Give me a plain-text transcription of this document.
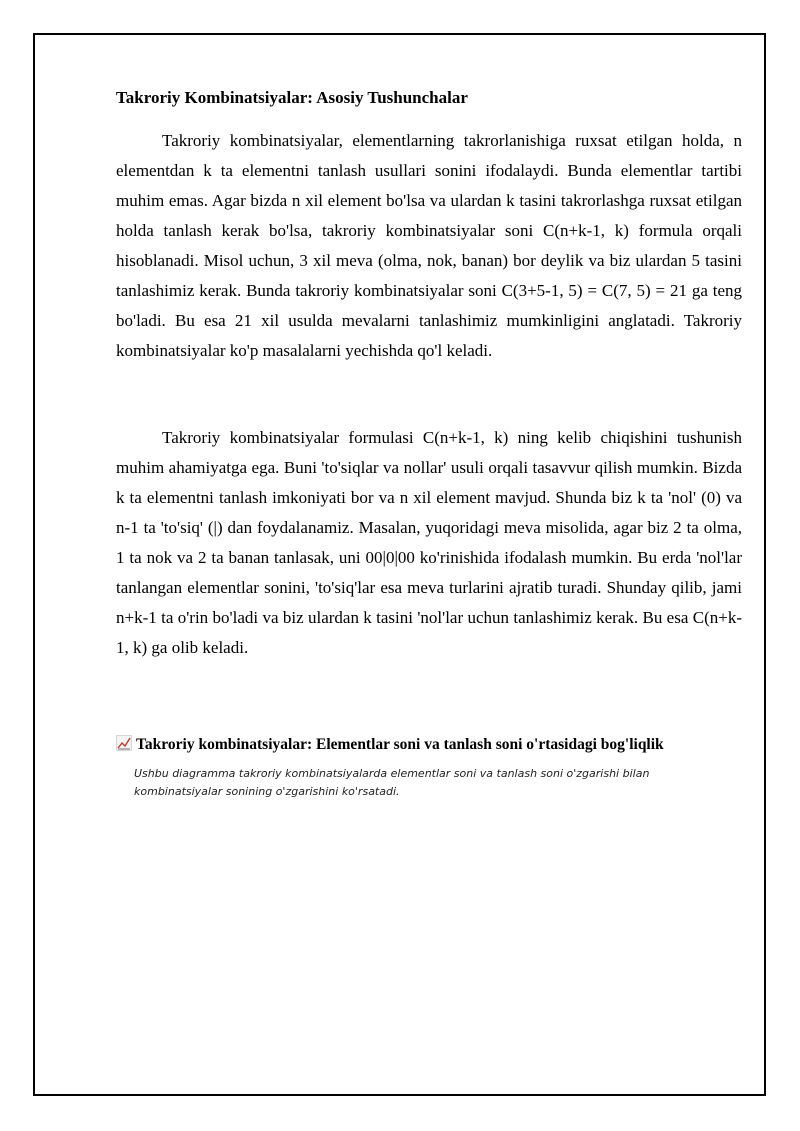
Takroriy Kombinatsiyalar: Asosiy Tushunchalar

Takroriy kombinatsiyalar, elementlarning takrorlanishiga ruxsat etilgan holda, n elementdan k ta elementni tanlash usullari sonini ifodalaydi. Bunda elementlar tartibi muhim emas. Agar bizda n xil element bo'lsa va ulardan k tasini takrorlashga ruxsat etilgan holda tanlash kerak bo'lsa, takroriy kombinatsiyalar soni C(n+k-1, k) formula orqali hisoblanadi. Misol uchun, 3 xil meva (olma, nok, banan) bor deylik va biz ulardan 5 tasini tanlashimiz kerak. Bunda takroriy kombinatsiyalar soni C(3+5-1, 5) = C(7, 5) = 21 ga teng bo'ladi. Bu esa 21 xil usulda mevalarni tanlashimiz mumkinligini anglatadi. Takroriy kombinatsiyalar ko'p masalalarni yechishda qo'l keladi.

Takroriy kombinatsiyalar formulasi C(n+k-1, k) ning kelib chiqishini tushunish muhim ahamiyatga ega. Buni 'to'siqlar va nollar' usuli orqali tasavvur qilish mumkin. Bizda k ta elementni tanlash imkoniyati bor va n xil element mavjud. Shunda biz k ta 'nol' (0) va n-1 ta 'to'siq' (|) dan foydalanamiz. Masalan, yuqoridagi meva misolida, agar biz 2 ta olma, 1 ta nok va 2 ta banan tanlasak, uni 00|0|00 ko'rinishida ifodalash mumkin. Bu erda 'nol'lar tanlangan elementlar sonini, 'to'siq'lar esa meva turlarini ajratib turadi. Shunday qilib, jami n+k-1 ta o'rin bo'ladi va biz ulardan k tasini 'nol'lar uchun tanlashimiz kerak. Bu esa C(n+k-1, k) ga olib keladi.

Takroriy kombinatsiyalar: Elementlar soni va tanlash soni o'rtasidagi bog'liqlik

Ushbu diagramma takroriy kombinatsiyalarda elementlar soni va tanlash soni o'zgarishi bilan kombinatsiyalar sonining o'zgarishini ko'rsatadi.
